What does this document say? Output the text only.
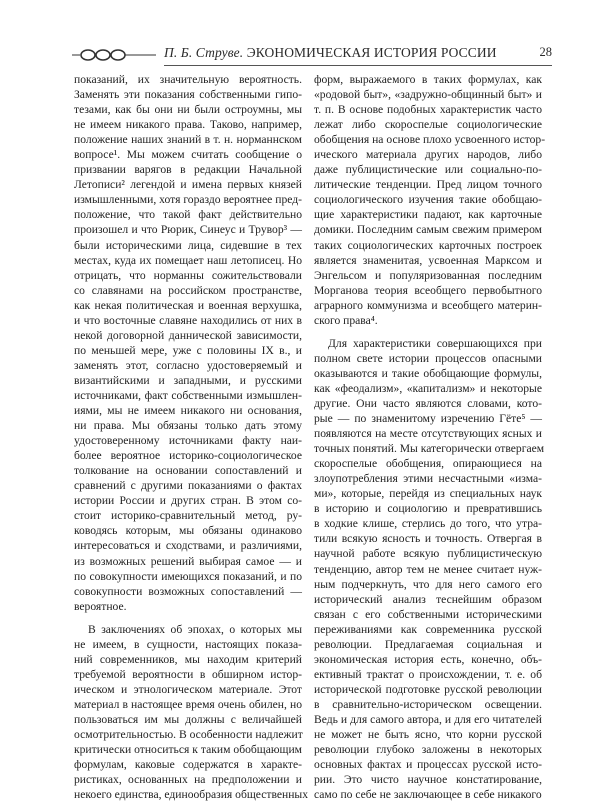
П. Б. Струве. ЭКОНОМИЧЕСКАЯ ИСТОРИЯ РОССИИ	28

показаний, их значительную вероятность.
Заменять эти показания собственными гипо-
тезами, как бы они ни были остроумны, мы
не имеем никакого права. Таково, например,
положение наших знаний в т. н. норманнском
вопросе¹. Мы можем считать сообщение о
призвании варягов в редакции Начальной
Летописи² легендой и имена первых князей
измышленными, хотя гораздо вероятнее пред-
положение, что такой факт действительно
произошел и что Рюрик, Синеус и Трувор³ —
были историческими лица, сидевшие в тех
местах, куда их помещает наш летописец. Но
отрицать, что норманны сожительствовали
со славянами на российском пространстве,
как некая политическая и военная верхушка,
и что восточные славяне находились от них в
некой договорной даннической зависимости,
по меньшей мере, уже с половины IX в., и
заменять этот, согласно удостоверяемый и
византийскими и западными, и русскими
источниками, факт собственными измышлен-
иями, мы не имеем никакого ни основания,
ни права. Мы обязаны только дать этому
удостоверенному источниками факту наи-
более вероятное историко-социологическое
толкование на основании сопоставлений и
сравнений с другими показаниями о фактах
истории России и других стран. В этом со-
стоит историко-сравнительный метод, ру-
ководясь которым, мы обязаны одинаково
интересоваться и сходствами, и различиями,
из возможных решений выбирая самое — и
по совокупности имеющихся показаний, и по
совокупности возможных сопоставлений —
вероятное.

В заключениях об эпохах, о которых мы
не имеем, в сущности, настоящих показа-
ний современников, мы находим критерий
требуемой вероятности в обширном истор-
ическом и этнологическом материале. Этот
материал в настоящее время очень обилен, но
пользоваться им мы должны с величайшей
осмотрительностью. В особенности надлежит
критически относиться к таким обобщающим
формулам, каковые содержатся в характе-
ристиках, основанных на предположении и
некоего единства, единообразия общественных

форм, выражаемого в таких формулах, как
«родовой быт», «задружно-общинный быт» и
т. п. В основе подобных характеристик часто
лежат либо скороспелые социологические
обобщения на основе плохо усвоенного истор-
ического материала других народов, либо
даже публицистические или социально-по-
литические тенденции. Пред лицом точного
социологического изучения такие обобщаю-
щие характеристики падают, как карточные
домики. Последним самым свежим примером
таких социологических карточных построек
является знаменитая, усвоенная Марксом и
Энгельсом и популяризованная последним
Моргановa теория всеобщего первобытного
аграрного коммунизма и всеобщего материн-
ского права⁴.

Для характеристики совершающихся при
полном свете истории процессов опасными
оказываются и такие обобщающие формулы,
как «феодализм», «капитализм» и некоторые
другие. Они часто являются словами, кото-
рые — по знаменитому изречению Гёте⁵ —
появляются на месте отсутствующих ясных и
точных понятий. Мы категорически отвергаем
скороспелые обобщения, опирающиеся на
злоупотребления этими несчастными «изма-
ми», которые, перейдя из специальных наук
в историю и социологию и превратившись
в ходкие клише, стерлись до того, что утра-
тили всякую ясность и точность. Отвергая в
научной работе всякую публицистическую
тенденцию, автор тем не менее считает нуж-
ным подчеркнуть, что для него самого его
исторический анализ теснейшим образом
связан с его собственными историческими
переживаниями как современника русской
революции. Предлагаемая социальная и
экономическая история есть, конечно, объ-
ективный трактат о происхождении, т. е. об
исторической подготовке русской революции
в сравнительно-историческом освещении.
Ведь и для самого автора, и для его читателей
не может не быть ясно, что корни русской
революции глубоко заложены в некоторых
основных фактах и процессах русской исто-
рии. Это чисто научное констатирование,
само по себе не заключающее в себе никакого
